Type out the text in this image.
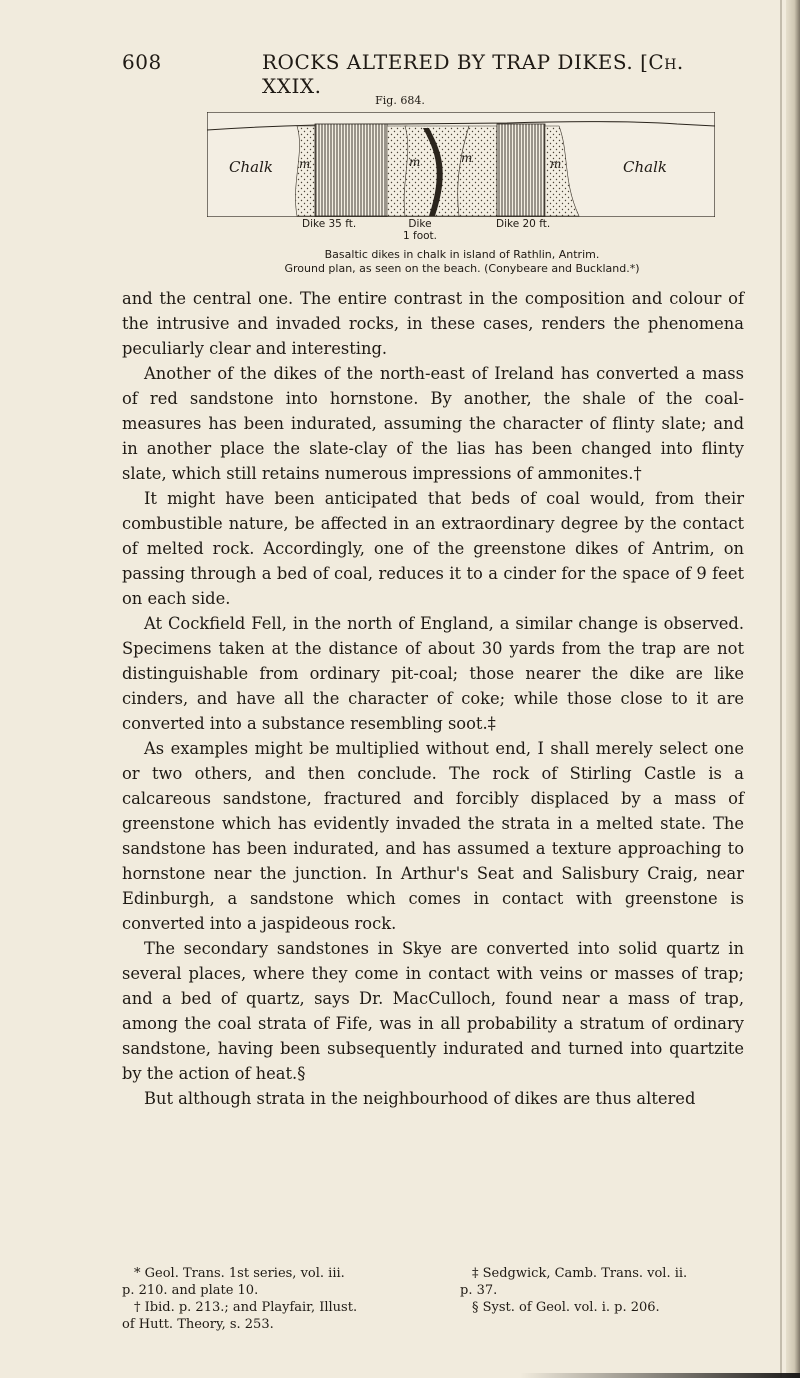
608	ROCKS ALTERED BY TRAP DIKES. [Ch. XXIX.
Fig. 684.
Chalk	Chalk
m	m	m	m
Dike 35 ft.	Dike
1 foot.
Dike 20 ft.
Basaltic dikes in chalk in island of Rathlin, Antrim.
Ground plan, as seen on the beach. (Conybeare and Buckland.*)

and the central one. The entire contrast in the composition and colour of the intrusive and invaded rocks, in these cases, renders the phenomena peculiarly clear and interesting.

Another of the dikes of the north-east of Ireland has converted a mass of red sandstone into hornstone. By another, the shale of the coal-measures has been indurated, assuming the character of flinty slate; and in another place the slate-clay of the lias has been changed into flinty slate, which still retains numerous impressions of ammonites.†

It might have been anticipated that beds of coal would, from their combustible nature, be affected in an extraordinary degree by the contact of melted rock. Accordingly, one of the greenstone dikes of Antrim, on passing through a bed of coal, reduces it to a cinder for the space of 9 feet on each side.

At Cockfield Fell, in the north of England, a similar change is observed. Specimens taken at the distance of about 30 yards from the trap are not distinguishable from ordinary pit-coal; those nearer the dike are like cinders, and have all the character of coke; while those close to it are converted into a substance resembling soot.‡

As examples might be multiplied without end, I shall merely select one or two others, and then conclude. The rock of Stirling Castle is a calcareous sandstone, fractured and forcibly displaced by a mass of greenstone which has evidently invaded the strata in a melted state. The sandstone has been indurated, and has assumed a texture approaching to hornstone near the junction. In Arthur's Seat and Salisbury Craig, near Edinburgh, a sandstone which comes in contact with greenstone is converted into a jaspideous rock.

The secondary sandstones in Skye are converted into solid quartz in several places, where they come in contact with veins or masses of trap; and a bed of quartz, says Dr. MacCulloch, found near a mass of trap, among the coal strata of Fife, was in all probability a stratum of ordinary sandstone, having been subsequently indurated and turned into quartzite by the action of heat.§

But although strata in the neighbourhood of dikes are thus altered

* Geol. Trans. 1st series, vol. iii.
p. 210. and plate 10.
† Ibid. p. 213.; and Playfair, Illust.
of Hutt. Theory, s. 253.
‡ Sedgwick, Camb. Trans. vol. ii.
p. 37.
§ Syst. of Geol. vol. i. p. 206.
